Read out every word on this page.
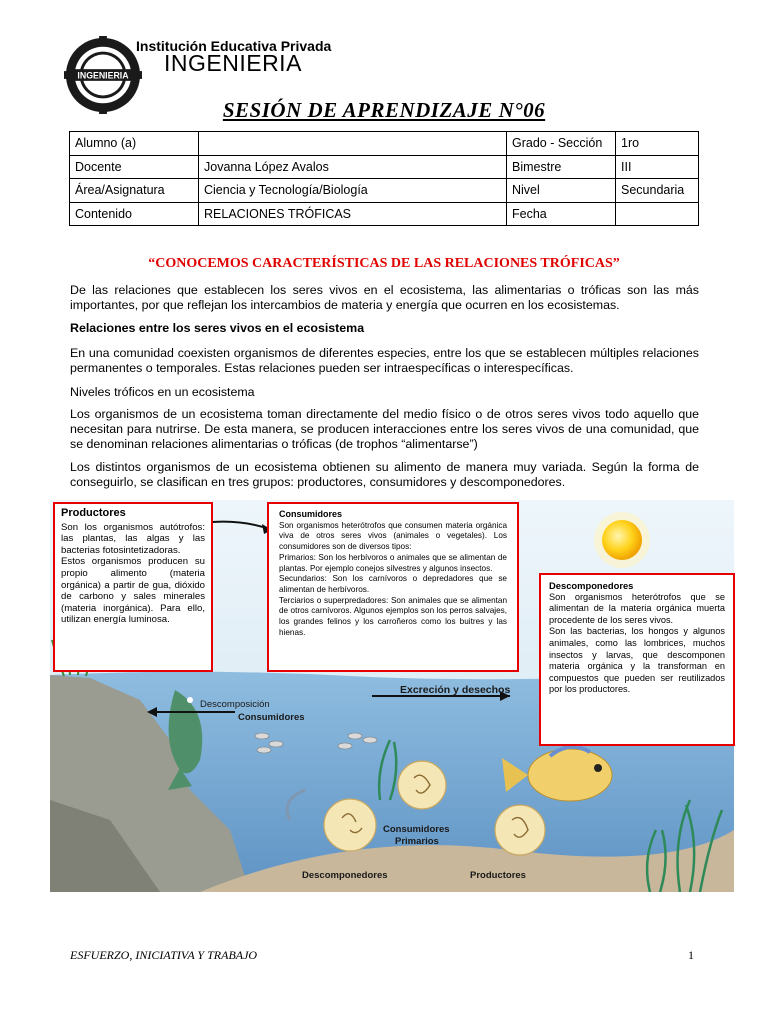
INGENIERIA
Institución Educativa Privada
INGENIERIA
SESIÓN DE APRENDIZAJE N°06
Alumno (a)		Grado - Sección	1ro
Docente	Jovanna López Avalos	Bimestre	III
Área/Asignatura	Ciencia y Tecnología/Biología	Nivel	Secundaria
Contenido	RELACIONES TRÓFICAS	Fecha	
“CONOCEMOS CARACTERÍSTICAS DE LAS RELACIONES TRÓFICAS”
De las relaciones que establecen los seres vivos en el ecosistema, las alimentarias o tróficas son las más importantes, por que reflejan los intercambios de materia y energía que ocurren en los ecosistemas.
Relaciones entre los seres vivos en el ecosistema
En una comunidad coexisten organismos de diferentes especies, entre los que se establecen múltiples relaciones permanentes o temporales. Estas relaciones pueden ser intraespecíficas o interespecíficas.
Niveles tróficos en un ecosistema
Los organismos de un ecosistema toman directamente del medio físico o de otros seres vivos todo aquello que necesitan para nutrirse. De esta manera, se producen interacciones entre los seres vivos de una comunidad, que se denominan relaciones alimentarias o tróficas (de trophos “alimentarse”)
Los distintos organismos de un ecosistema obtienen su alimento de manera muy variada. Según la forma de conseguirlo, se clasifican en tres grupos: productores, consumidores y descomponedores.
Excreción y desechos
Descomposición
Consumidores
Consumidores
Primarios
Descomponedores	Productores
Productores
Son los organismos autótrofos: las plantas, las algas y las bacterias fotosintetizadoras.
Estos organismos producen su propio alimento (materia orgánica) a partir de gua, dióxido de carbono y sales minerales (materia inorgánica). Para ello, utilizan energía luminosa.
Consumidores
Son organismos heterótrofos que consumen materia orgánica viva de otros seres vivos (animales o vegetales). Los consumidores son de diversos tipos:
Primarios: Son los herbívoros o animales que se alimentan de plantas. Por ejemplo conejos silvestres y algunos insectos.
Secundarios: Son los carnívoros o depredadores que se alimentan de herbívoros.
Terciarios o superpredadores: Son animales que se alimentan de otros carnívoros. Algunos ejemplos son los perros salvajes, los grandes felinos y los carroñeros como los buitres y las hienas.
Descomponedores
Son organismos heterótrofos que se alimentan de la materia orgánica muerta procedente de los seres vivos.
Son las bacterias, los hongos y algunos animales, como las lombrices, muchos insectos y larvas, que descomponen materia orgánica y la transforman en compuestos que pueden ser reutilizados por los productores.
ESFUERZO, INICIATIVA Y TRABAJO	1
